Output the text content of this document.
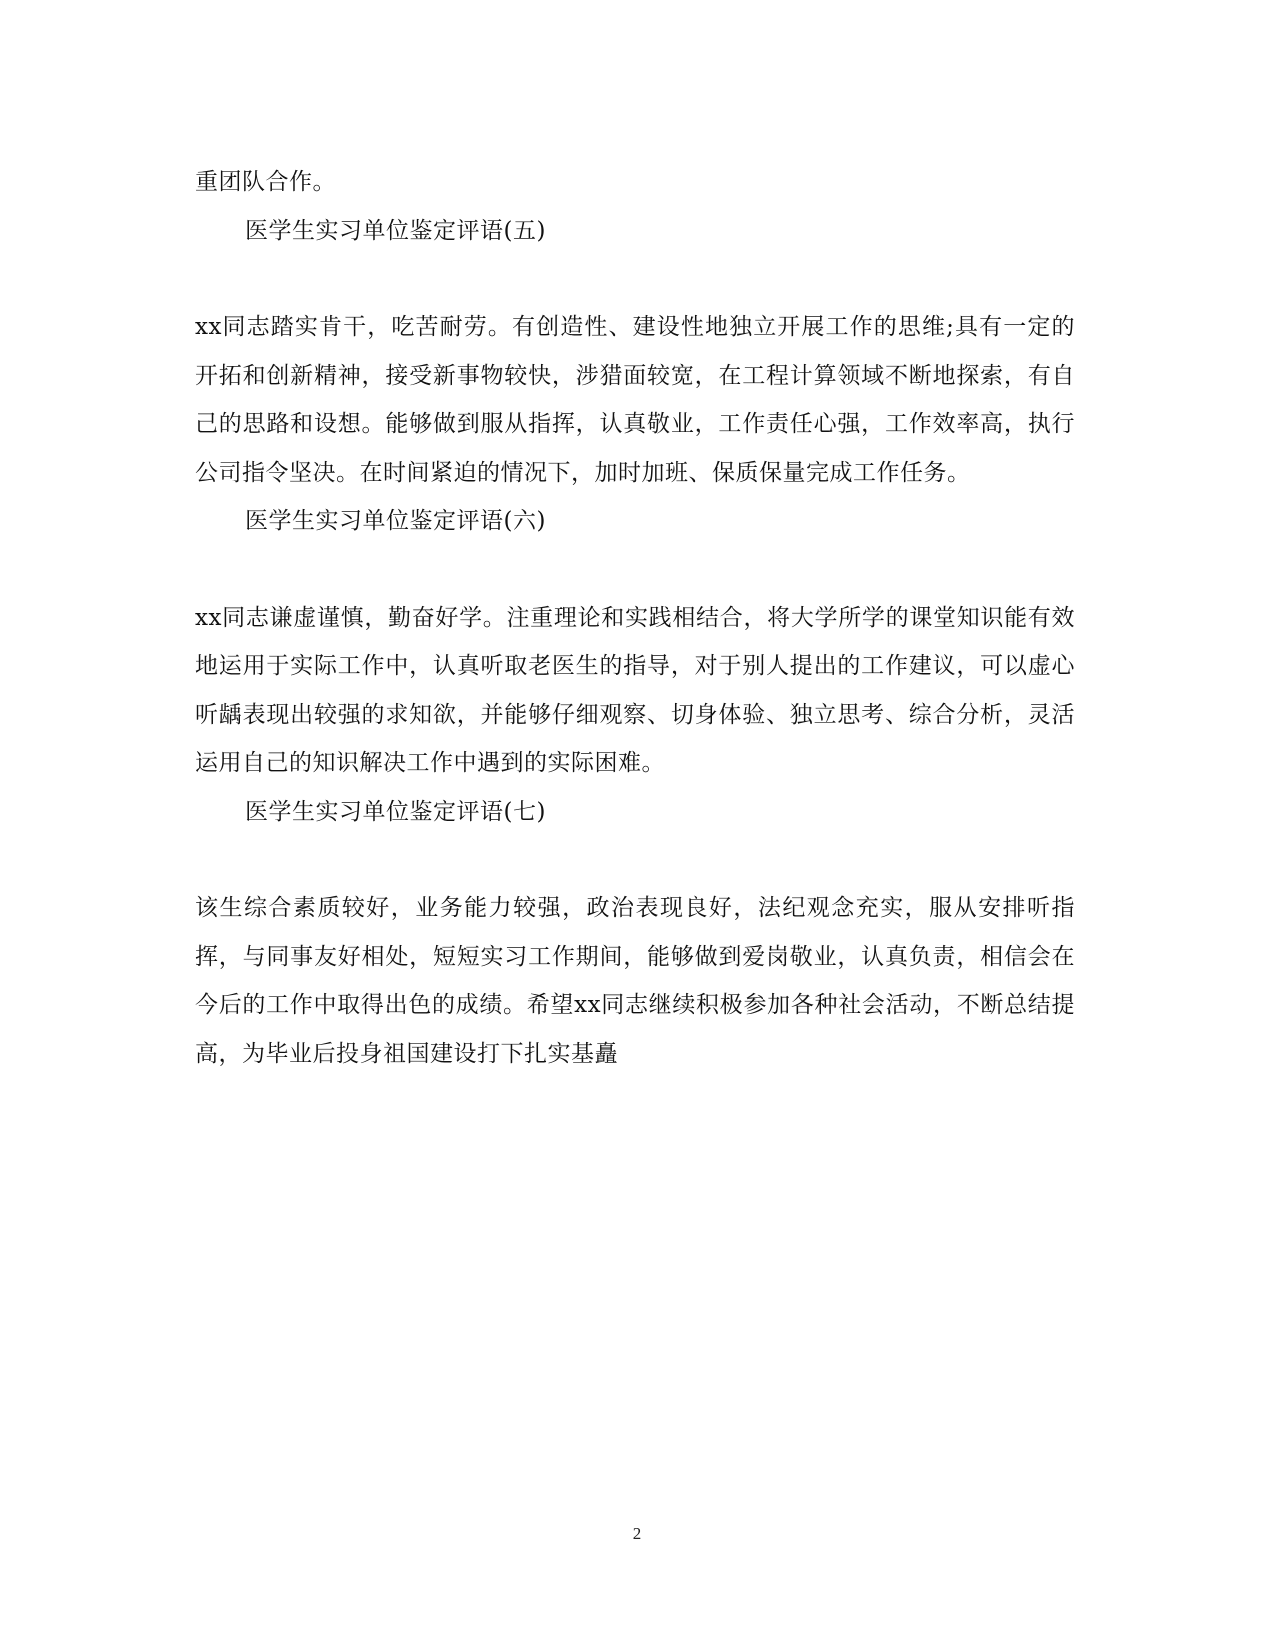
重团队合作。

医学生实习单位鉴定评语(五)

xx同志踏实肯干，吃苦耐劳。有创造性、建设性地独立开展工作的思维;具有一定的开拓和创新精神，接受新事物较快，涉猎面较宽，在工程计算领域不断地探索，有自己的思路和设想。能够做到服从指挥，认真敬业，工作责任心强，工作效率高，执行公司指令坚决。在时间紧迫的情况下，加时加班、保质保量完成工作任务。

医学生实习单位鉴定评语(六)

xx同志谦虚谨慎，勤奋好学。注重理论和实践相结合，将大学所学的课堂知识能有效地运用于实际工作中，认真听取老医生的指导，对于别人提出的工作建议，可以虚心听龋表现出较强的求知欲，并能够仔细观察、切身体验、独立思考、综合分析，灵活运用自己的知识解决工作中遇到的实际困难。

医学生实习单位鉴定评语(七)

该生综合素质较好，业务能力较强，政治表现良好，法纪观念充实，服从安排听指挥，与同事友好相处，短短实习工作期间，能够做到爱岗敬业，认真负责，相信会在今后的工作中取得出色的成绩。希望xx同志继续积极参加各种社会活动，不断总结提高，为毕业后投身祖国建设打下扎实基矗

2
